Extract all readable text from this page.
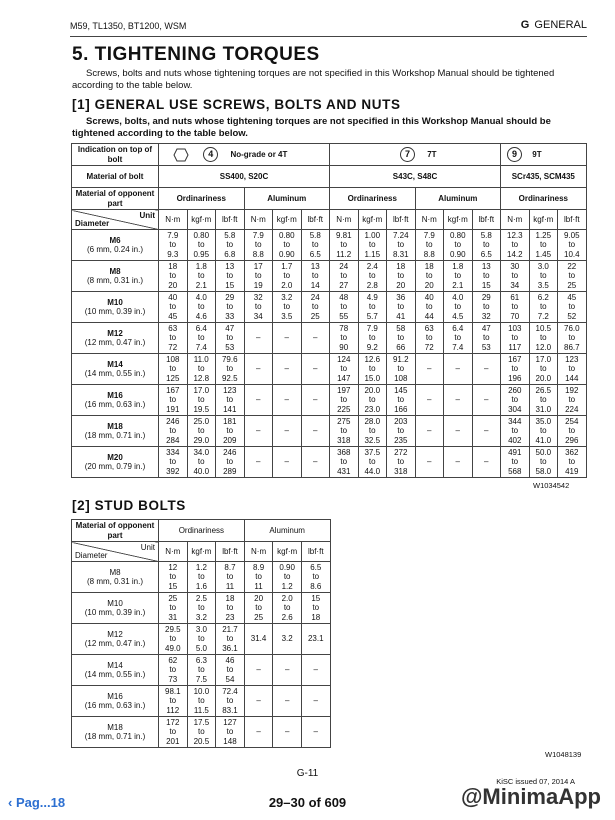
M59, TL1350, BT1200, WSM	G GENERAL
5. TIGHTENING TORQUES
Screws, bolts and nuts whose tightening torques are not specified in this Workshop Manual should be tightened according to the table below.
[1] GENERAL USE SCREWS, BOLTS AND NUTS
Screws, bolts, and nuts whose tightening torques are not specified in this Workshop Manual should be tightened according to the table below.
Indication on top of bolt	4 No-grade or 4T						7 7T						9 9T		
Material of bolt	SS400, S20C						S43C, S48C						SCr435, SCM435		
Material of opponent part	Ordinariness			Aluminum			Ordinariness			Aluminum			Ordinariness		

Unit
Diameter	N·m	kgf·m	lbf·ft	N·m	kgf·m	lbf·ft	N·m	kgf·m	lbf·ft	N·m	kgf·m	lbf·ft	N·m	kgf·m	lbf·ft

M6
(6 mm, 0.24 in.)	7.9
to
9.3	0.80
to
0.95	5.8
to
6.8	7.9
to
8.8	0.80
to
0.90	5.8
to
6.5	9.81
to
11.2	1.00
to
1.15	7.24
to
8.31	7.9
to
8.8	0.80
to
0.90	5.8
to
6.5	12.3
to
14.2	1.25
to
1.45	9.05
to
10.4

M8
(8 mm, 0.31 in.)	18
to
20	1.8
to
2.1	13
to
15	17
to
19	1.7
to
2.0	13
to
14	24
to
27	2.4
to
2.8	18
to
20	18
to
20	1.8
to
2.1	13
to
15	30
to
34	3.0
to
3.5	22
to
25

M10
(10 mm, 0.39 in.)	40
to
45	4.0
to
4.6	29
to
33	32
to
34	3.2
to
3.5	24
to
25	48
to
55	4.9
to
5.7	36
to
41	40
to
44	4.0
to
4.5	29
to
32	61
to
70	6.2
to
7.2	45
to
52

M12
(12 mm, 0.47 in.)	63
to
72	6.4
to
7.4	47
to
53	–	–	–	78
to
90	7.9
to
9.2	58
to
66	63
to
72	6.4
to
7.4	47
to
53	103
to
117	10.5
to
12.0	76.0
to
86.7

M14
(14 mm, 0.55 in.)	108
to
125	11.0
to
12.8	79.6
to
92.5	–	–	–	124
to
147	12.6
to
15.0	91.2
to
108	–	–	–	167
to
196	17.0
to
20.0	123
to
144

M16
(16 mm, 0.63 in.)	167
to
191	17.0
to
19.5	123
to
141	–	–	–	197
to
225	20.0
to
23.0	145
to
166	–	–	–	260
to
304	26.5
to
31.0	192
to
224

M18
(18 mm, 0.71 in.)	246
to
284	25.0
to
29.0	181
to
209	–	–	–	275
to
318	28.0
to
32.5	203
to
235	–	–	–	344
to
402	35.0
to
41.0	254
to
296

M20
(20 mm, 0.79 in.)	334
to
392	34.0
to
40.0	246
to
289	–	–	–	368
to
431	37.5
to
44.0	272
to
318	–	–	–	491
to
568	50.0
to
58.0	362
to
419
W1034542
[2] STUD BOLTS
Material of opponent part	Ordinariness			Aluminum		

Unit
Diameter	N·m	kgf·m	lbf·ft	N·m	kgf·m	lbf·ft

M8
(8 mm, 0.31 in.)	12
to
15	1.2
to
1.6	8.7
to
11	8.9
to
11	0.90
to
1.2	6.5
to
8.6

M10
(10 mm, 0.39 in.)	25
to
31	2.5
to
3.2	18
to
23	20
to
25	2.0
to
2.6	15
to
18

M12
(12 mm, 0.47 in.)	29.5
to
49.0	3.0
to
5.0	21.7
to
36.1	31.4	3.2	23.1

M14
(14 mm, 0.55 in.)	62
to
73	6.3
to
7.5	46
to
54	–	–	–

M16
(16 mm, 0.63 in.)	98.1
to
112	10.0
to
11.5	72.4
to
83.1	–	–	–

M18
(18 mm, 0.71 in.)	172
to
201	17.5
to
20.5	127
to
148	–	–	–
W1048139
G-11
KiSC issued 07, 2014 A
‹ Pag...18	29–30 of 609	@MinimaApp
